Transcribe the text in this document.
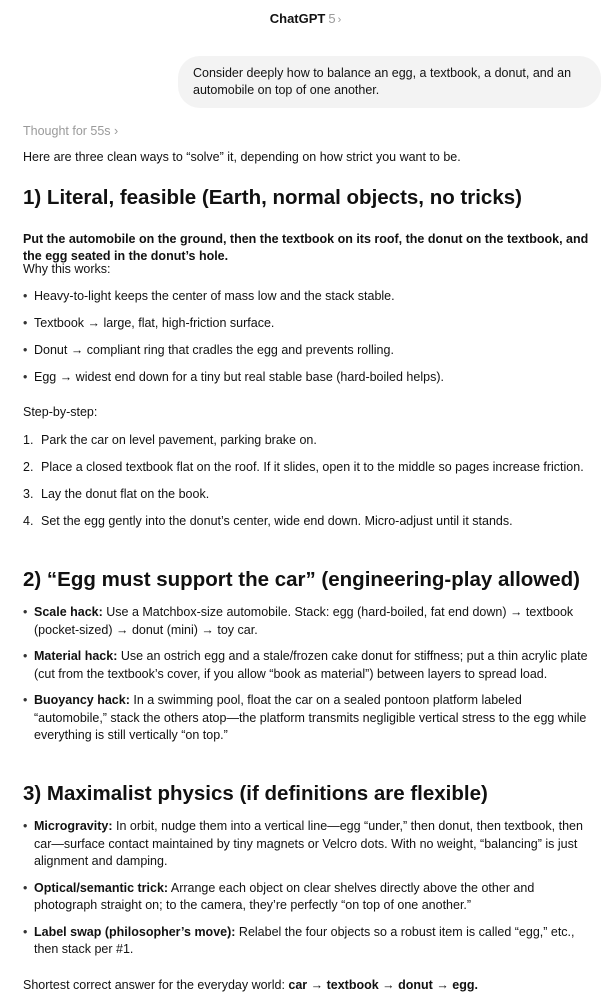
ChatGPT 5 ›
Consider deeply how to balance an egg, a textbook, a donut, and an automobile on top of one another.
Thought for 55s ›
Here are three clean ways to “solve” it, depending on how strict you want to be.
1) Literal, feasible (Earth, normal objects, no tricks)
Put the automobile on the ground, then the textbook on its roof, the donut on the textbook, and the egg seated in the donut’s hole.
Why this works:
• Heavy-to-light keeps the center of mass low and the stack stable.
• Textbook → large, flat, high-friction surface.
• Donut → compliant ring that cradles the egg and prevents rolling.
• Egg → widest end down for a tiny but real stable base (hard-boiled helps).
Step-by-step:
1. Park the car on level pavement, parking brake on.
2. Place a closed textbook flat on the roof. If it slides, open it to the middle so pages increase friction.
3. Lay the donut flat on the book.
4. Set the egg gently into the donut’s center, wide end down. Micro-adjust until it stands.
2) “Egg must support the car” (engineering-play allowed)
• Scale hack: Use a Matchbox-size automobile. Stack: egg (hard-boiled, fat end down) → textbook (pocket-sized) → donut (mini) → toy car.
• Material hack: Use an ostrich egg and a stale/frozen cake donut for stiffness; put a thin acrylic plate (cut from the textbook’s cover, if you allow “book as material”) between layers to spread load.
• Buoyancy hack: In a swimming pool, float the car on a sealed pontoon platform labeled “automobile,” stack the others atop—the platform transmits negligible vertical stress to the egg while everything is still vertically “on top.”
3) Maximalist physics (if definitions are flexible)
• Microgravity: In orbit, nudge them into a vertical line—egg “under,” then donut, then textbook, then car—surface contact maintained by tiny magnets or Velcro dots. With no weight, “balancing” is just alignment and damping.
• Optical/semantic trick: Arrange each object on clear shelves directly above the other and photograph straight on; to the camera, they’re perfectly “on top of one another.”
• Label swap (philosopher’s move): Relabel the four objects so a robust item is called “egg,” etc., then stack per #1.
Shortest correct answer for the everyday world: car → textbook → donut → egg.
